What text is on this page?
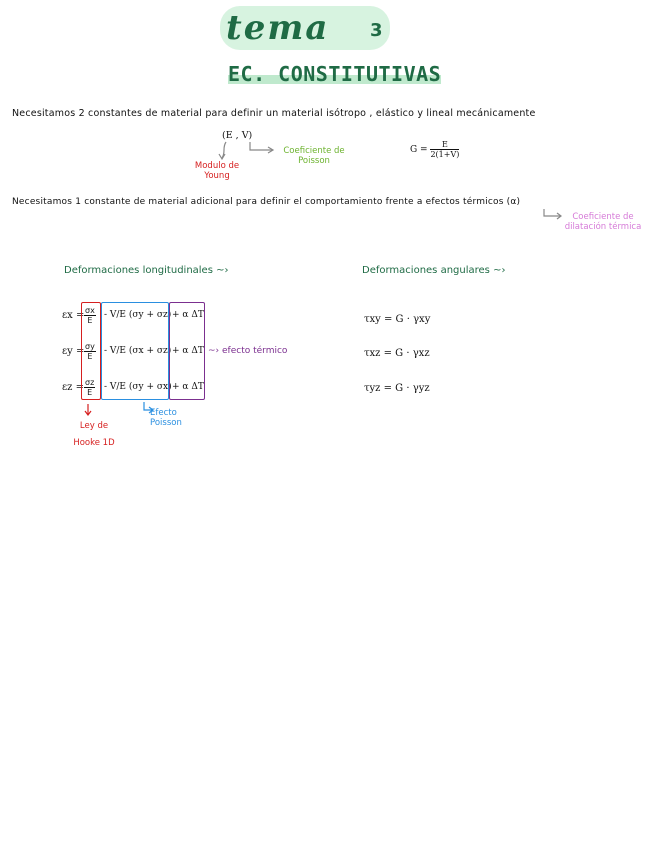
tema 3
EC. CONSTITUTIVAS
Necesitamos 2 constantes de material para definir un material isótropo , elástico y lineal mecánicamente
(E , V)
Modulo de Young
Coeficiente de Poisson
$G = \frac{E}{2(1+V)}$
Necesitamos 1 constante de material adicional para definir el comportamiento frente a efectos térmicos (α)
Coeficiente de dilatación térmica
Deformaciones longitudinales ~›	Deformaciones angulares ~›
$\varepsilon x = \frac{\sigma x}{E} - V/E$ (σy + σz) + α ΔT
$\varepsilon y = \frac{\sigma y}{E} - V/E$ (σx + σz) + α ΔT
$\varepsilon z = \frac{\sigma z}{E} - V/E$ (σy + σx) + α ΔT
~› efecto térmico
Ley de Hooke 1D
Efecto Poisson
τxy = G · γxy
τxz = G · γxz
τyz = G · γyz
